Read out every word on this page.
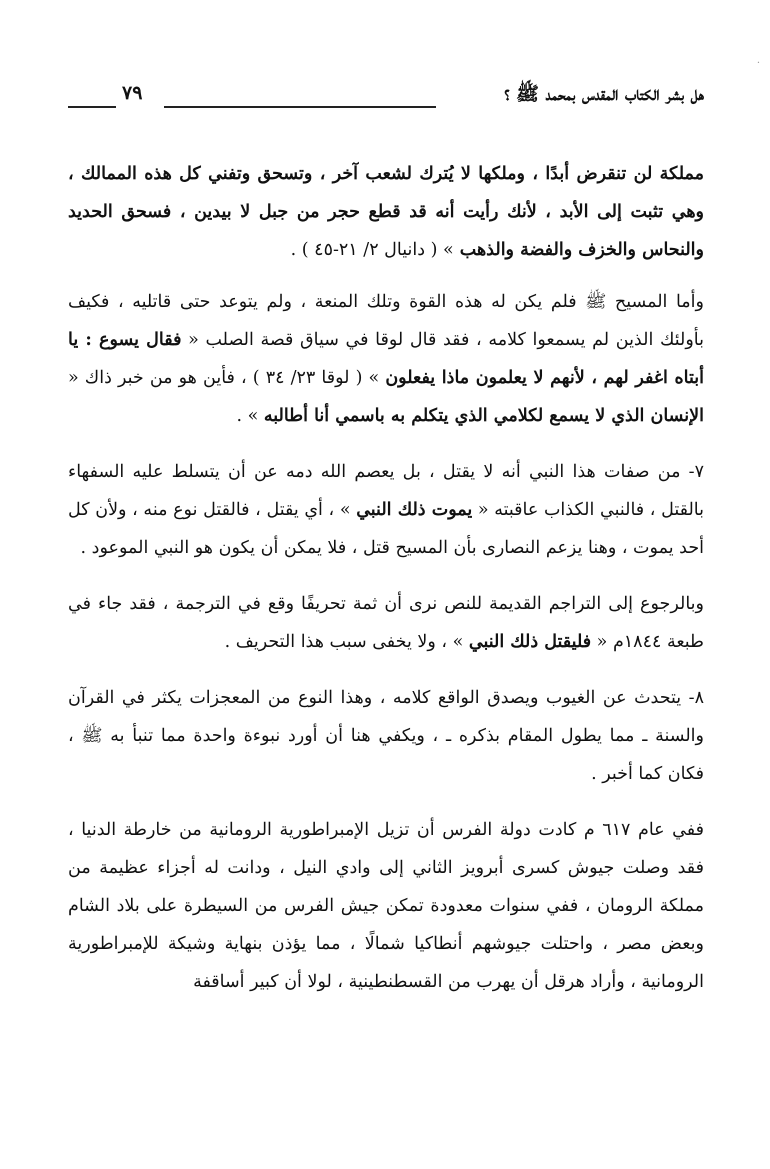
·
هل بشر الكتاب المقدس بمحمد ﷺ ؟
٧٩

مملكة لن تنقرض أبدًا ، وملكها لا يُترك لشعب آخر ، وتسحق وتفني كل هذه الممالك ، وهي تثبت إلى الأبد ، لأنك رأيت أنه قد قطع حجر من جبل لا بيدين ، فسحق الحديد والنحاس والخزف والفضة والذهب » ( دانيال ٢/ ٢١-٤٥ ) .

وأما المسيح ﷺ فلم يكن له هذه القوة وتلك المنعة ، ولم يتوعد حتى قاتليه ، فكيف بأولئك الذين لم يسمعوا كلامه ، فقد قال لوقا في سياق قصة الصلب « فقال يسوع : يا أبتاه اغفر لهم ، لأنهم لا يعلمون ماذا يفعلون » ( لوقا ٢٣/ ٣٤ ) ، فأين هو من خبر ذاك « الإنسان الذي لا يسمع لكلامي الذي يتكلم به باسمي أنا أطالبه » .

٧- من صفات هذا النبي أنه لا يقتل ، بل يعصم الله دمه عن أن يتسلط عليه السفهاء بالقتل ، فالنبي الكذاب عاقبته « يموت ذلك النبي » ، أي يقتل ، فالقتل نوع منه ، ولأن كل أحد يموت ، وهنا يزعم النصارى بأن المسيح قتل ، فلا يمكن أن يكون هو النبي الموعود .

وبالرجوع إلى التراجم القديمة للنص نرى أن ثمة تحريفًا وقع في الترجمة ، فقد جاء في طبعة ١٨٤٤م « فليقتل ذلك النبي » ، ولا يخفى سبب هذا التحريف .

٨- يتحدث عن الغيوب ويصدق الواقع كلامه ، وهذا النوع من المعجزات يكثر في القرآن والسنة ـ مما يطول المقام بذكره ـ ، ويكفي هنا أن أورد نبوءة واحدة مما تنبأ به ﷺ ، فكان كما أخبر .

ففي عام ٦١٧ م كادت دولة الفرس أن تزيل الإمبراطورية الرومانية من خارطة الدنيا ، فقد وصلت جيوش كسرى أبرويز الثاني إلى وادي النيل ، ودانت له أجزاء عظيمة من مملكة الرومان ، ففي سنوات معدودة تمكن جيش الفرس من السيطرة على بلاد الشام وبعض مصر ، واحتلت جيوشهم أنطاكيا شمالًا ، مما يؤذن بنهاية وشيكة للإمبراطورية الرومانية ، وأراد هرقل أن يهرب من القسطنطينية ، لولا أن كبير أساقفة
